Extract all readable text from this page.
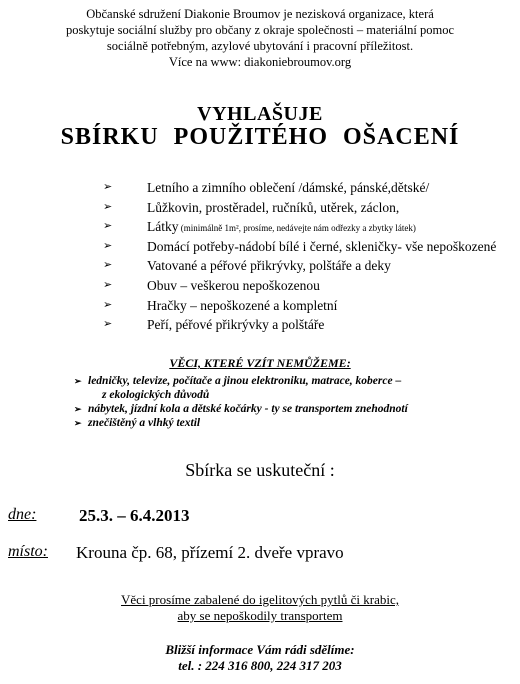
Občanské sdružení Diakonie Broumov je nezisková organizace, která
poskytuje sociální služby pro občany z okraje společnosti – materiální pomoc
sociálně potřebným, azylové ubytování i pracovní příležitost.
Více na www: diakoniebroumov.org
VYHLAŠUJE
SBÍRKU POUŽITÉHO OŠACENÍ
➢	Letního a zimního oblečení /dámské, pánské,dětské/
➢	Lůžkovin, prostěradel, ručníků, utěrek, záclon,
➢	Látky (minimálně 1m², prosíme, nedávejte nám odřezky a zbytky látek)
➢	Domácí potřeby-nádobí bílé i černé, skleničky- vše nepoškozené
➢	Vatované a péřové přikrývky, polštáře a deky
➢	Obuv – veškerou nepoškozenou
➢	Hračky – nepoškozené a kompletní
➢	Peří, péřové přikrývky a polštáře
VĚCI, KTERÉ VZÍT NEMŮŽEME:
➢ ledničky, televize, počítače a jinou elektroniku, matrace, koberce –
z ekologických důvodů
➢ nábytek, jízdní kola a dětské kočárky - ty se transportem znehodnotí
➢ znečištěný a vlhký textil
Sbírka se uskuteční :
dne:	25.3. – 6.4.2013
místo: Krouna čp. 68, přízemí 2. dveře vpravo
Věci prosíme zabalené do igelitových pytlů či krabic,
aby se nepoškodily transportem
Bližší informace Vám rádi sdělíme:
tel. : 224 316 800, 224 317 203
